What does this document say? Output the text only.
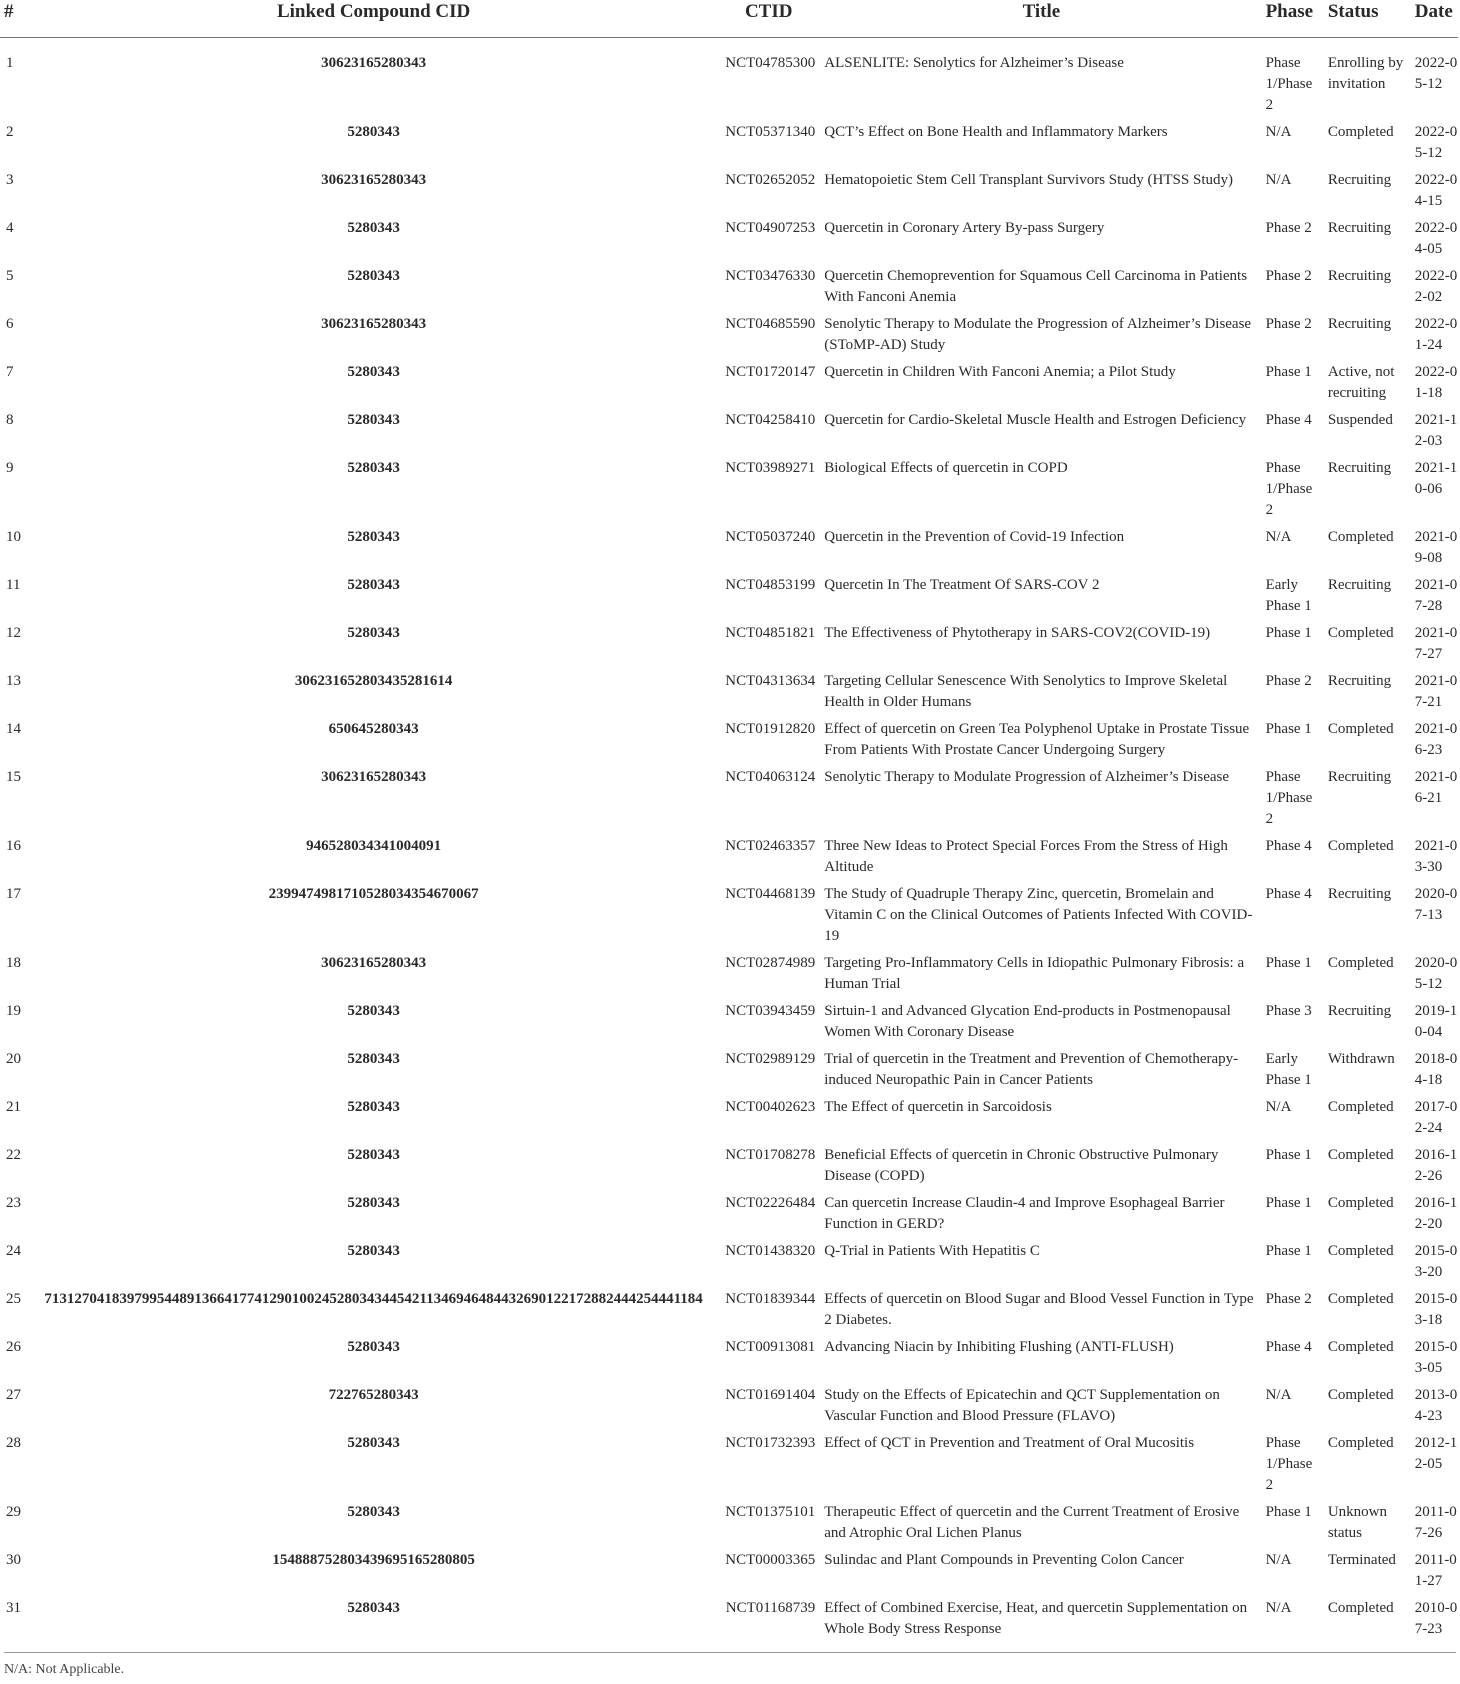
#	Linked Compound CID	CTID	Title	Phase	Status	Date
1	30623165280343	NCT04785300	ALSENLITE: Senolytics for Alzheimer’s Disease	Phase 1/Phase 2	Enrolling by invitation	2022-05-12
2	5280343	NCT05371340	QCT’s Effect on Bone Health and Inflammatory Markers	N/A	Completed	2022-05-12
3	30623165280343	NCT02652052	Hematopoietic Stem Cell Transplant Survivors Study (HTSS Study)	N/A	Recruiting	2022-04-15
4	5280343	NCT04907253	Quercetin in Coronary Artery By-pass Surgery	Phase 2	Recruiting	2022-04-05
5	5280343	NCT03476330	Quercetin Chemoprevention for Squamous Cell Carcinoma in Patients With Fanconi Anemia	Phase 2	Recruiting	2022-02-02
6	30623165280343	NCT04685590	Senolytic Therapy to Modulate the Progression of Alzheimer’s Disease (SToMP-AD) Study	Phase 2	Recruiting	2022-01-24
7	5280343	NCT01720147	Quercetin in Children With Fanconi Anemia; a Pilot Study	Phase 1	Active, not recruiting	2022-01-18
8	5280343	NCT04258410	Quercetin for Cardio-Skeletal Muscle Health and Estrogen Deficiency	Phase 4	Suspended	2021-12-03
9	5280343	NCT03989271	Biological Effects of quercetin in COPD	Phase 1/Phase 2	Recruiting	2021-10-06
10	5280343	NCT05037240	Quercetin in the Prevention of Covid-19 Infection	N/A	Completed	2021-09-08
11	5280343	NCT04853199	Quercetin In The Treatment Of SARS-COV 2	Early Phase 1	Recruiting	2021-07-28
12	5280343	NCT04851821	The Effectiveness of Phytotherapy in SARS-COV2(COVID-19)	Phase 1	Completed	2021-07-27
13	306231652803435281614	NCT04313634	Targeting Cellular Senescence With Senolytics to Improve Skeletal Health in Older Humans	Phase 2	Recruiting	2021-07-21
14	650645280343	NCT01912820	Effect of quercetin on Green Tea Polyphenol Uptake in Prostate Tissue From Patients With Prostate Cancer Undergoing Surgery	Phase 1	Completed	2021-06-23
15	30623165280343	NCT04063124	Senolytic Therapy to Modulate Progression of Alzheimer’s Disease	Phase 1/Phase 2	Recruiting	2021-06-21
16	946528034341004091	NCT02463357	Three New Ideas to Protect Special Forces From the Stress of High Altitude	Phase 4	Completed	2021-03-30
17	239947498171052803435467006​7	NCT04468139	The Study of Quadruple Therapy Zinc, quercetin, Bromelain and Vitamin C on the Clinical Outcomes of Patients Infected With COVID-19	Phase 4	Recruiting	2020-07-13
18	30623165280343	NCT02874989	Targeting Pro-Inflammatory Cells in Idiopathic Pulmonary Fibrosis: a Human Trial	Phase 1	Completed	2020-05-12
19	5280343	NCT03943459	Sirtuin-1 and Advanced Glycation End-products in Postmenopausal Women With Coronary Disease	Phase 3	Recruiting	2019-10-04
20	5280343	NCT02989129	Trial of quercetin in the Treatment and Prevention of Chemotherapy-induced Neuropathic Pain in Cancer Patients	Early Phase 1	Withdrawn	2018-04-18
21	5280343	NCT00402623	The Effect of quercetin in Sarcoidosis	N/A	Completed	2017-02-24
22	5280343	NCT01708278	Beneficial Effects of quercetin in Chronic Obstructive Pulmonary Disease (COPD)	Phase 1	Completed	2016-12-26
23	5280343	NCT02226484	Can quercetin Increase Claudin-4 and Improve Esophageal Barrier Function in GERD?	Phase 1	Completed	2016-12-20
24	5280343	NCT01438320	Q-Trial in Patients With Hepatitis C	Phase 1	Completed	2015-03-20
25	71312704183979954489136641774129010024528034344542113469464844326901221728824442544411​84	NCT01839344	Effects of quercetin on Blood Sugar and Blood Vessel Function in Type 2 Diabetes.	Phase 2	Completed	2015-03-18
26	5280343	NCT00913081	Advancing Niacin by Inhibiting Flushing (ANTI-FLUSH)	Phase 4	Completed	2015-03-05
27	722765280343	NCT01691404	Study on the Effects of Epicatechin and QCT Supplementation on Vascular Function and Blood Pressure (FLAVO)	N/A	Completed	2013-04-23
28	5280343	NCT01732393	Effect of QCT in Prevention and Treatment of Oral Mucositis	Phase 1/Phase 2	Completed	2012-12-05
29	5280343	NCT01375101	Therapeutic Effect of quercetin and the Current Treatment of Erosive and Atrophic Oral Lichen Planus	Phase 1	Unknown status	2011-07-26
30	15488875280343969516528080​5	NCT00003365	Sulindac and Plant Compounds in Preventing Colon Cancer	N/A	Terminated	2011-01-27
31	5280343	NCT01168739	Effect of Combined Exercise, Heat, and quercetin Supplementation on Whole Body Stress Response	N/A	Completed	2010-07-23
N/A: Not Applicable.
